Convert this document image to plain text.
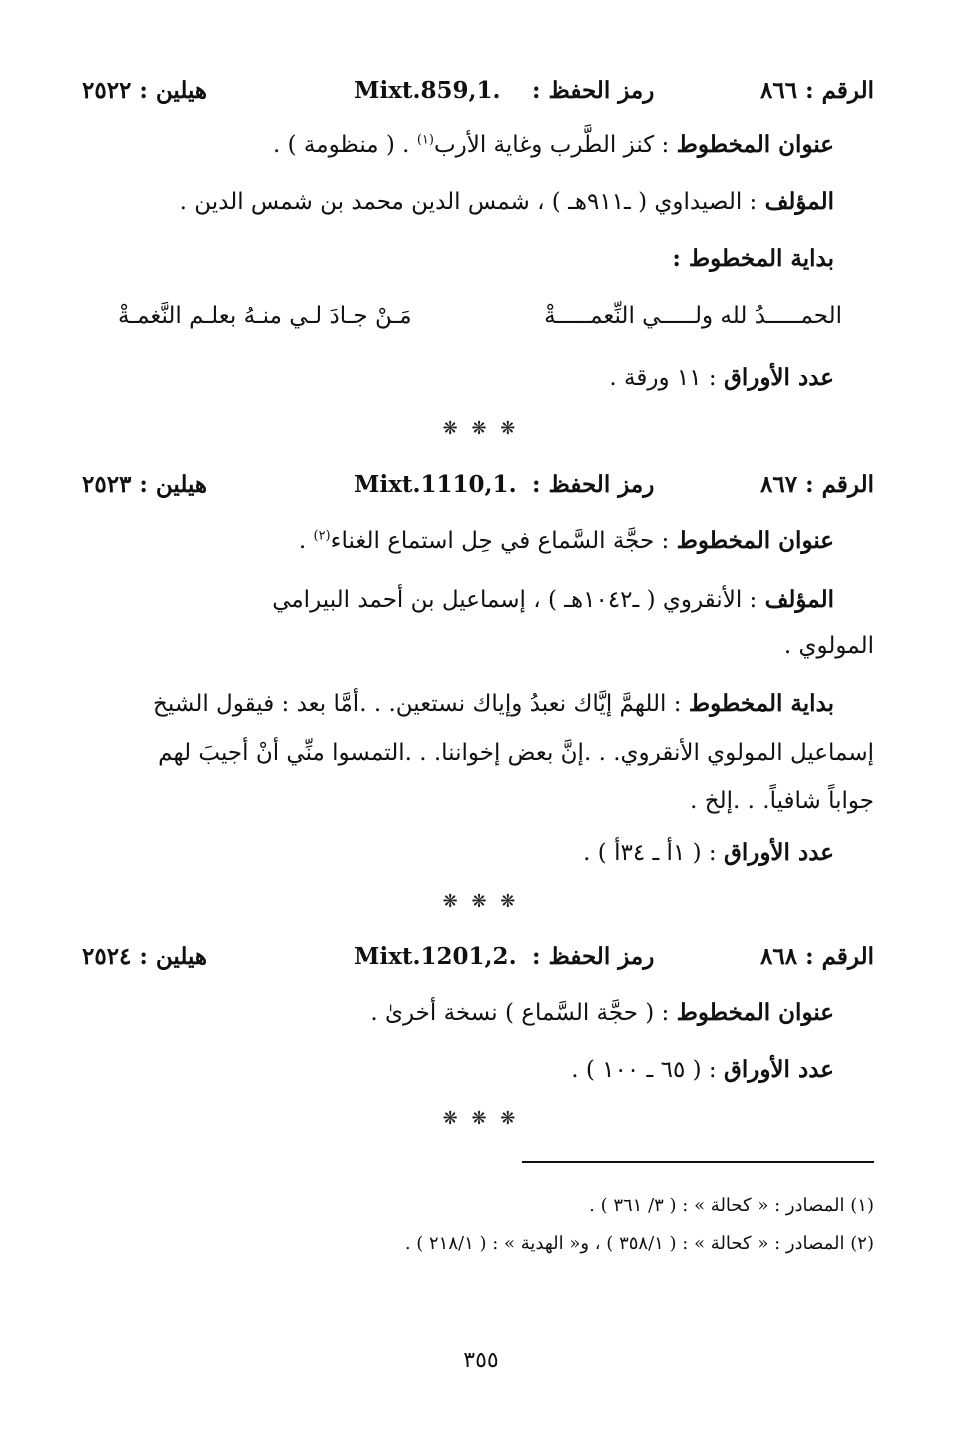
الرقم : ٨٦٦
رمز الحفظ :
Mixt.859,1.
هيلين : ٢٥٢٢
عنوان المخطوط : كنز الطَّرب وغاية الأرب$^{(١)}$ . ( منظومة ) .
المؤلف : الصيداوي ( ـ٩١١هـ ) ، شمس الدين محمد بن شمس الدين .
بداية المخطوط :
الحمـــــدُ لله ولـــــي النِّعمـــــةْ
مَـنْ جـادَ لـي منـهُ بعلـم النَّغمـةْ
عدد الأوراق : ١١ ورقة .
❋ ❋ ❋
الرقم : ٨٦٧
رمز الحفظ :
Mixt.1110,1.
هيلين : ٢٥٢٣
عنوان المخطوط : حجَّة السَّماع في حِل استماع الغناء$^{(٢)}$ .
المؤلف : الأنقروي ( ـ١٠٤٢هـ ) ، إسماعيل بن أحمد البيرامي
المولوي .
بداية المخطوط : اللهمَّ إيَّاك نعبدُ وإياك نستعين. . .أمَّا بعد : فيقول الشيخ
إسماعيل المولوي الأنقروي. . .إنَّ بعض إخواننا. . .التمسوا منِّي أنْ أجيبَ لهم
جواباً شافياً. . .إلخ .
عدد الأوراق : ( ١أ ـ ٣٤أ ) .
❋ ❋ ❋
الرقم : ٨٦٨
رمز الحفظ :
Mixt.1201,2.
هيلين : ٢٥٢٤
عنوان المخطوط : ( حجَّة السَّماع ) نسخة أخرىٰ .
عدد الأوراق : ( ٦٥ ـ ١٠٠ ) .
❋ ❋ ❋
(١) المصادر : « كحالة » : ( ٣/ ٣٦١ ) .
(٢) المصادر : « كحالة » : ( ٣٥٨/١ ) ، و« الهدية » : ( ٢١٨/١ ) .
٣٥٥
